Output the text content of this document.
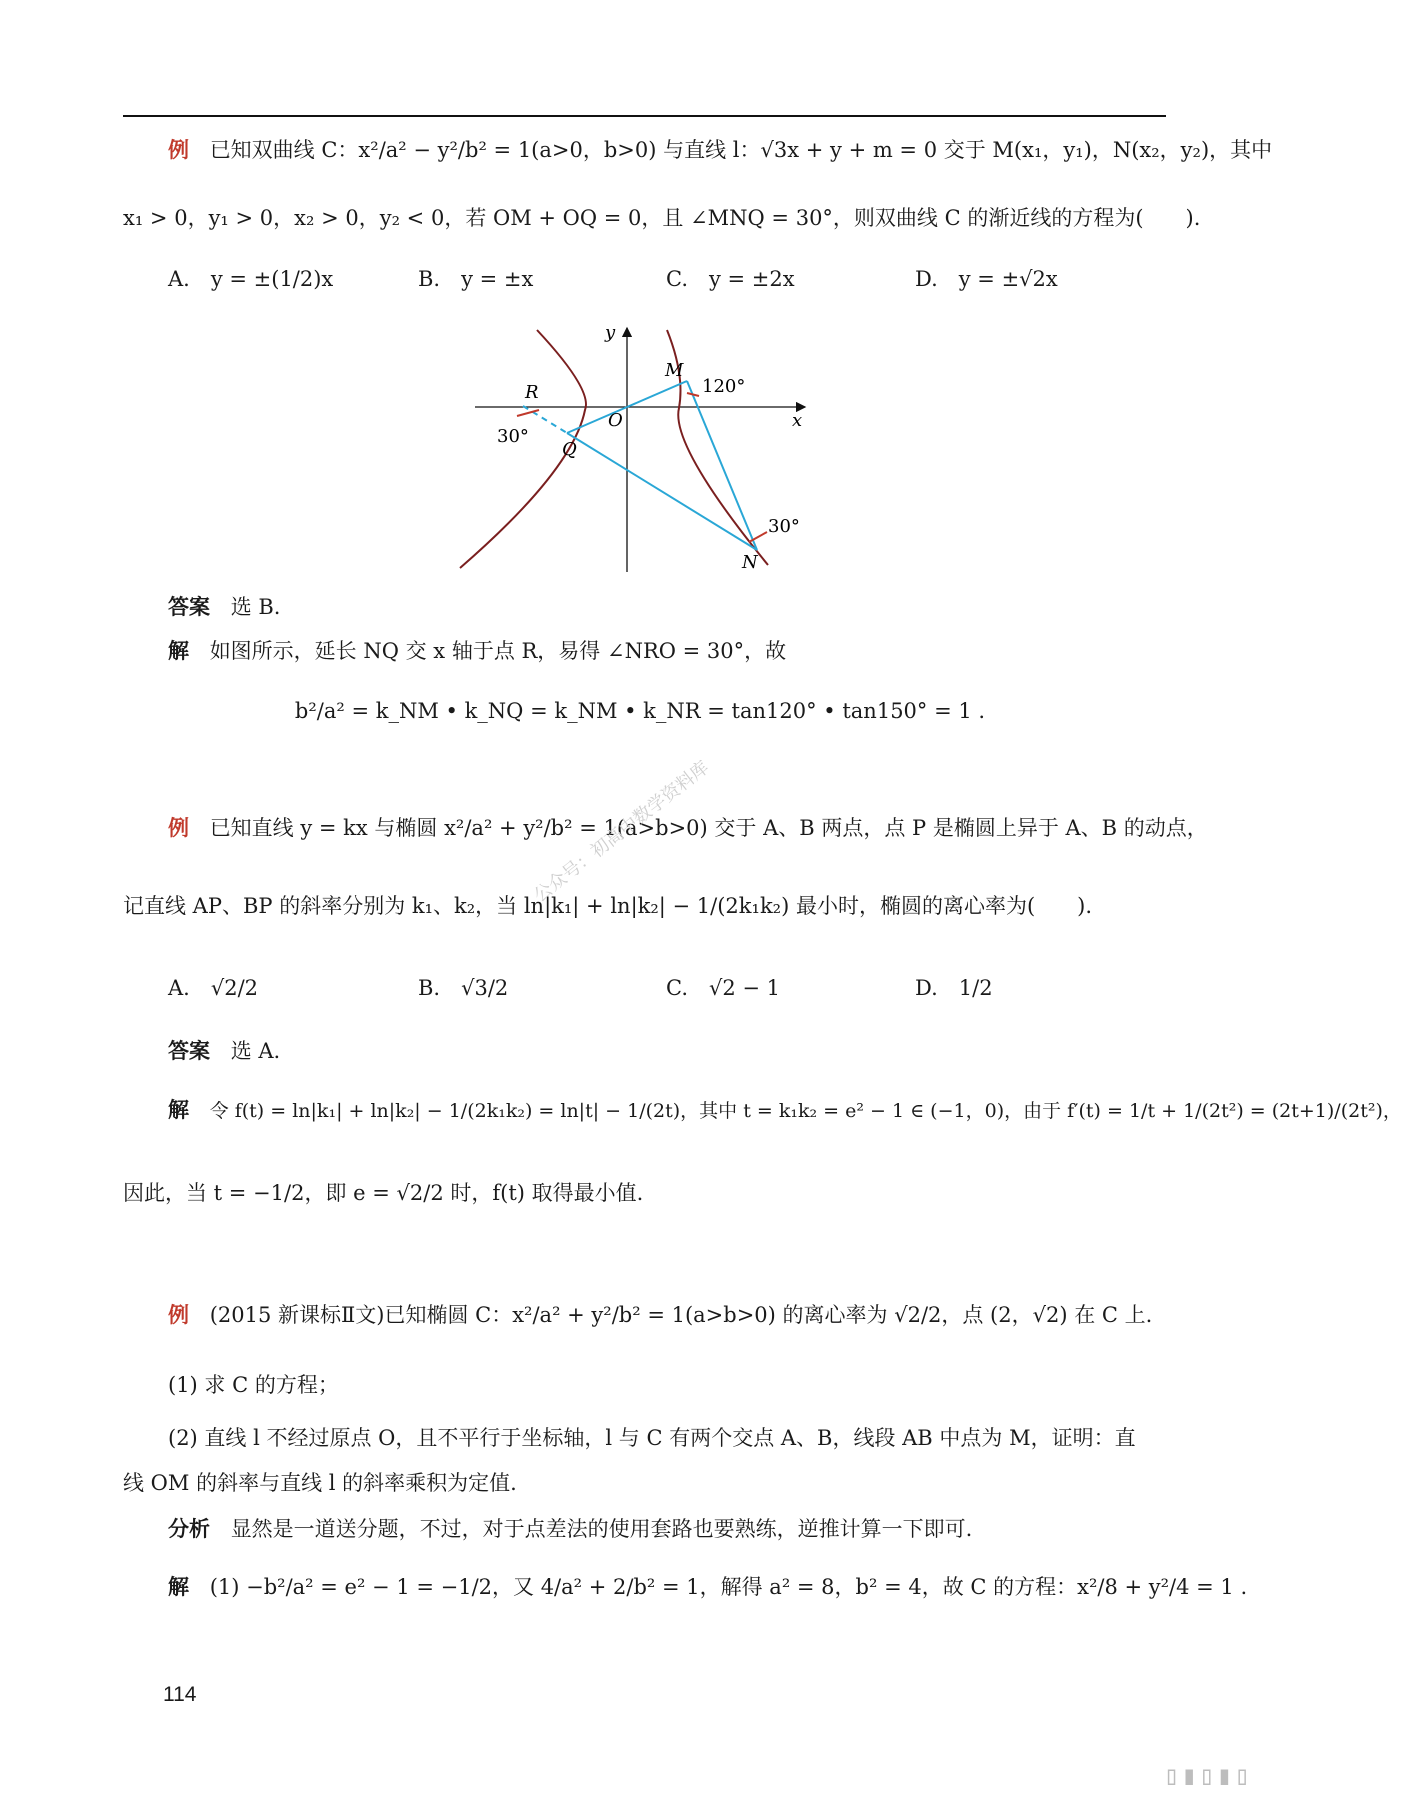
例 已知双曲线 C：x²/a² − y²/b² = 1(a>0，b>0) 与直线 l：√3x + y + m = 0 交于 M(x₁，y₁)，N(x₂，y₂)，其中
x₁ > 0，y₁ > 0，x₂ > 0，y₂ < 0，若 OM + OQ = 0，且 ∠MNQ = 30°，则双曲线 C 的渐近线的方程为(　　).
A.　y = ±(1/2)x	B.　y = ±x	C.　y = ±2x	D.　y = ±√2x
y
x
O
M
N
Q
R	120°
30°
30°
答案 选 B.
解 如图所示，延长 NQ 交 x 轴于点 R，易得 ∠NRO = 30°，故
b²/a² = k_NM • k_NQ = k_NM • k_NR = tan120° • tan150° = 1 .
例 已知直线 y = kx 与椭圆 x²/a² + y²/b² = 1(a>b>0) 交于 A、B 两点，点 P 是椭圆上异于 A、B 的动点，
记直线 AP、BP 的斜率分别为 k₁、k₂，当 ln|k₁| + ln|k₂| − 1/(2k₁k₂) 最小时，椭圆的离心率为(　　).
A.　√2/2	B.　√3/2	C.　√2 − 1	D.　1/2
答案 选 A.
解 令 f(t) = ln|k₁| + ln|k₂| − 1/(2k₁k₂) = ln|t| − 1/(2t)，其中 t = k₁k₂ = e² − 1 ∈ (−1，0)，由于 f′(t) = 1/t + 1/(2t²) = (2t+1)/(2t²)，
因此，当 t = −1/2，即 e = √2/2 时，f(t) 取得最小值.
例 (2015 新课标Ⅱ文)已知椭圆 C：x²/a² + y²/b² = 1(a>b>0) 的离心率为 √2/2，点 (2，√2) 在 C 上.
(1) 求 C 的方程；
(2) 直线 l 不经过原点 O，且不平行于坐标轴，l 与 C 有两个交点 A、B，线段 AB 中点为 M，证明：直
线 OM 的斜率与直线 l 的斜率乘积为定值.
分析 显然是一道送分题，不过，对于点差法的使用套路也要熟练，逆推计算一下即可.
解 (1) −b²/a² = e² − 1 = −1/2，又 4/a² + 2/b² = 1，解得 a² = 8，b² = 4，故 C 的方程：x²/8 + y²/4 = 1 .
公众号：初高中数学资料库
114
▯▮▯▮▯
